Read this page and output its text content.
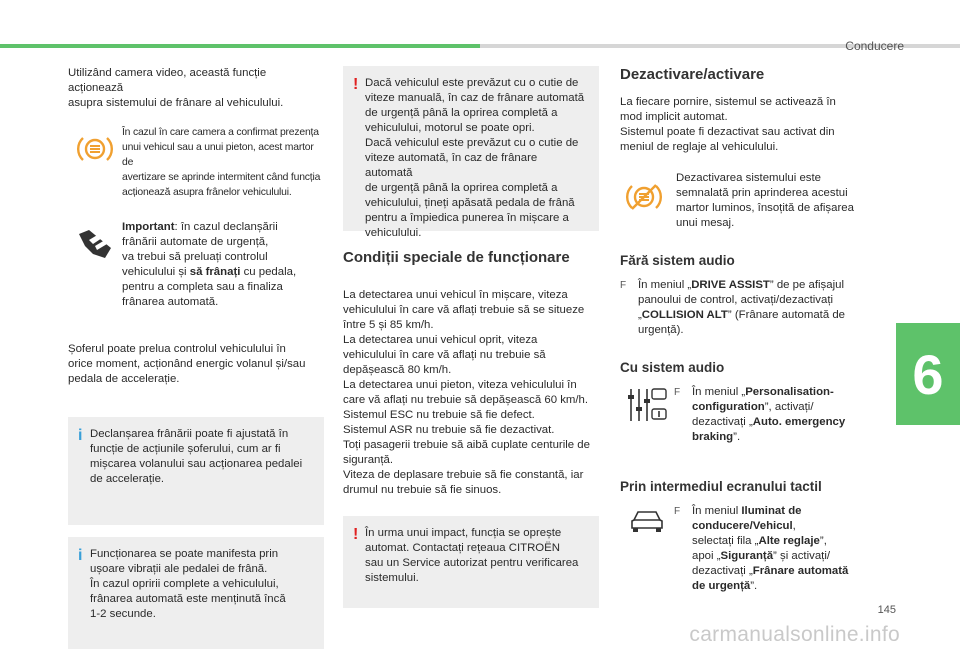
Conducere
Utilizând camera video, această funcție acționează
asupra sistemului de frânare al vehiculului.
În cazul în care camera a confirmat prezența
unui vehicul sau a unui pieton, acest martor de
avertizare se aprinde intermitent când funcția
acționează asupra frânelor vehiculului.
Important: în cazul declanșării
frânării automate de urgență,
va trebui să preluați controlul
vehiculului și să frânați cu pedala,
pentru a completa sau a finaliza
frânarea automată.
Șoferul poate prelua controlul vehiculului în
orice moment, acționând energic volanul și/sau
pedala de accelerație.
i Declanșarea frânării poate fi ajustată în
funcție de acțiunile șoferului, cum ar fi
mișcarea volanului sau acționarea pedalei
de accelerație.
i Funcționarea se poate manifesta prin
ușoare vibrații ale pedalei de frână.
În cazul opririi complete a vehiculului,
frânarea automată este menținută încă
1-2 secunde.
! Dacă vehiculul este prevăzut cu o cutie de
viteze manuală, în caz de frânare automată
de urgență până la oprirea completă a
vehiculului, motorul se poate opri.
Dacă vehiculul este prevăzut cu o cutie de
viteze automată, în caz de frânare automată
de urgență până la oprirea completă a
vehiculului, țineți apăsată pedala de frână
pentru a împiedica punerea în mișcare a
vehiculului.
Condiții speciale de funcționare
La detectarea unui vehicul în mișcare, viteza
vehiculului în care vă aflați trebuie să se situeze
între 5 și 85 km/h.
La detectarea unui vehicul oprit, viteza
vehiculului în care vă aflați nu trebuie să
depășească 80 km/h.
La detectarea unui pieton, viteza vehiculului în
care vă aflați nu trebuie să depășească 60 km/h.
Sistemul ESC nu trebuie să fie defect.
Sistemul ASR nu trebuie să fie dezactivat.
Toți pasagerii trebuie să aibă cuplate centurile de
siguranță.
Viteza de deplasare trebuie să fie constantă, iar
drumul nu trebuie să fie sinuos.
! În urma unui impact, funcția se oprește
automat. Contactați rețeaua CITROËN
sau un Service autorizat pentru verificarea
sistemului.
Dezactivare/activare
La fiecare pornire, sistemul se activează în
mod implicit automat.
Sistemul poate fi dezactivat sau activat din
meniul de reglaje al vehiculului.
Dezactivarea sistemului este
semnalată prin aprinderea acestui
martor luminos, însoțită de afișarea
unui mesaj.
Fără sistem audio
F	În meniul „DRIVE ASSIST” de pe afișajul
panoului de control, activați/dezactivați
„COLLISION ALT” (Frânare automată de
urgență).
Cu sistem audio
F	În meniul „Personalisation-
configuration”, activați/
dezactivați „Auto. emergency
braking”.
Prin intermediul ecranului tactil
F	În meniul Iluminat de
conducere/Vehicul,
selectați fila „Alte reglaje”,
apoi „Siguranță” și activați/
dezactivați „Frânare automată
de urgență”.
6
145
carmanualsonline.info
